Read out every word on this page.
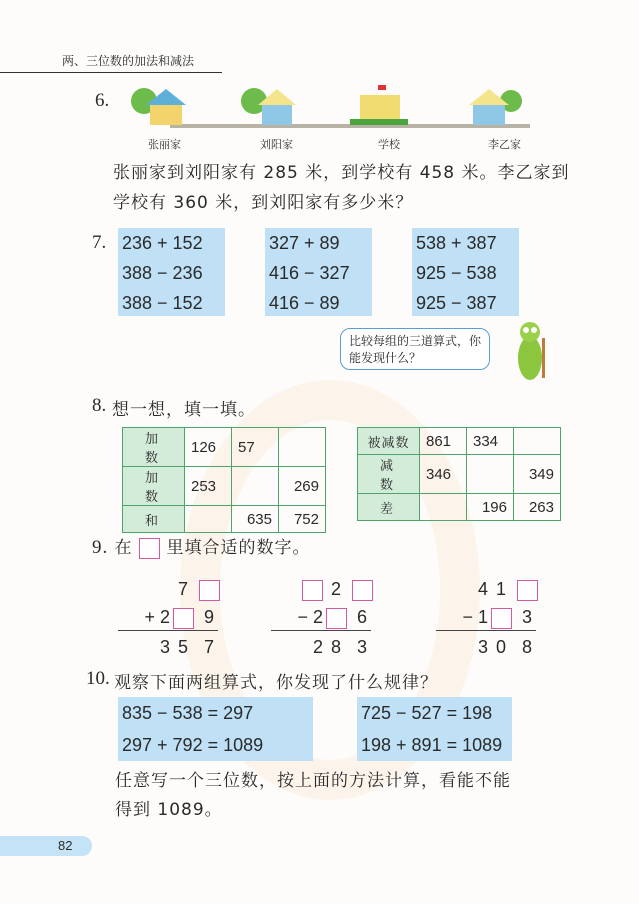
两、三位数的加法和减法
6.
张丽家	刘阳家	学校	李乙家
张丽家到刘阳家有 285 米，到学校有 458 米。李乙家到
学校有 360 米，到刘阳家有多少米？
7. 236 + 152
388 − 236
388 − 152
327 + 89
416 − 327
416 − 89
538 + 387
925 − 538
925 − 387
比较每组的三道算式，你能发现什么？
8. 想一想，填一填。
加　数	126	57	
加　数	253		269
和		635	752
被减数	861	334	
减　数	346		349
差		196	263
9. 在 里填合适的数字。
7
+ 2	9
3 5 7
2
− 2	6
2 8 3
4 1
− 1	3
3 0 8
10. 观察下面两组算式，你发现了什么规律？
835 − 538 = 297
297 + 792 = 1089
725 − 527 = 198
198 + 891 = 1089
任意写一个三位数，按上面的方法计算，看能不能
得到 1089。
82
